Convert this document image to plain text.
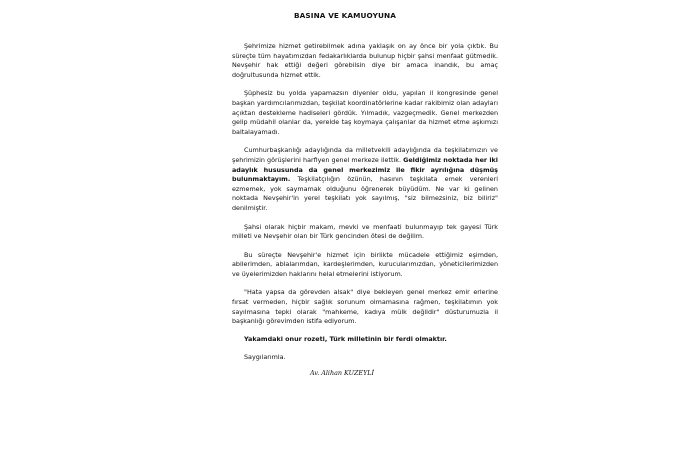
BASINA VE KAMUOYUNA

Şehrimize hizmet getirebilmek adına yaklaşık on ay önce bir yola çıktık. Bu süreçte tüm hayatımızdan fedakarlıklarda bulunup hiçbir şahsi menfaat gütmedik. Nevşehir hak ettiği değeri görebilsin diye bir amaca inandık, bu amaç doğrultusunda hizmet ettik.

Şüphesiz bu yolda yapamazsın diyenler oldu, yapılan il kongresinde genel başkan yardımcılarımızdan, teşkilat koordinatörlerine kadar rakibimiz olan adayları açıktan destekleme hadiseleri gördük. Yılmadık, vazgeçmedik. Genel merkezden gelip müdahil olanlar da, yerelde taş koymaya çalışanlar da hizmet etme aşkımızı baltalayamadı.

Cumhurbaşkanlığı adaylığında da milletvekili adaylığında da teşkilatımızın ve şehrimizin görüşlerini harfiyen genel merkeze ilettik. Geldiğimiz noktada her iki adaylık hususunda da genel merkezimiz ile fikir ayrılığına düşmüş bulunmaktayım. Teşkilatçılığın özünün, hasının teşkilata emek verenleri ezmemek, yok saymamak olduğunu öğrenerek büyüdüm. Ne var ki gelinen noktada Nevşehir'in yerel teşkilatı yok sayılmış, "siz bilmezsiniz, biz biliriz" denilmiştir.

Şahsi olarak hiçbir makam, mevki ve menfaati bulunmayıp tek gayesi Türk milleti ve Nevşehir olan bir Türk gencinden ötesi de değilim.

Bu süreçte Nevşehir'e hizmet için birlikte mücadele ettiğimiz eşimden, abilerimden, ablalarımdan, kardeşlerimden, kurucularımızdan, yöneticilerimizden ve üyelerimizden haklarını helal etmelerini istiyorum.

"Hata yapsa da görevden alsak" diye bekleyen genel merkez emir erlerine fırsat vermeden, hiçbir sağlık sorunum olmamasına rağmen, teşkilatımın yok sayılmasına tepki olarak "mahkeme, kadıya mülk değildir" düsturumuzla il başkanlığı görevimden istifa ediyorum.

Yakamdaki onur rozeti, Türk milletinin bir ferdi olmaktır.

Saygılarımla.

Av. Alihan KUZEYLİ
